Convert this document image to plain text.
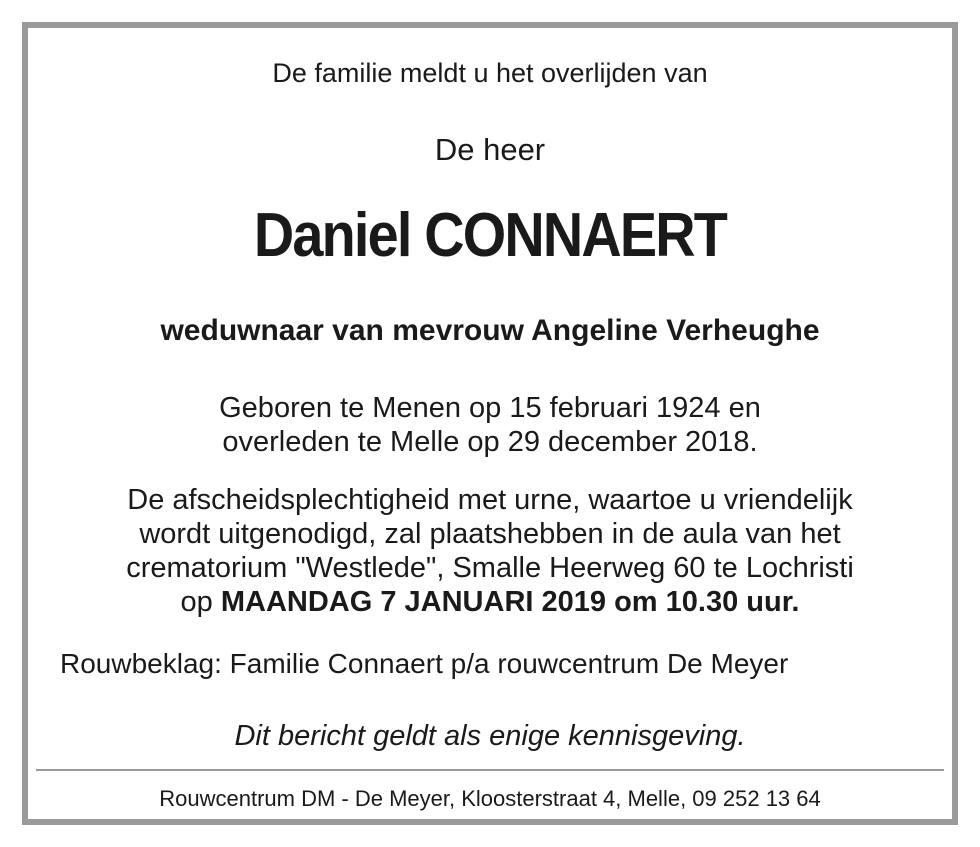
De familie meldt u het overlijden van
De heer
Daniel CONNAERT
weduwnaar van mevrouw Angeline Verheughe
Geboren te Menen op 15 februari 1924 en
overleden te Melle op 29 december 2018.
De afscheidsplechtigheid met urne, waartoe u vriendelijk
wordt uitgenodigd, zal plaatshebben in de aula van het
crematorium "Westlede", Smalle Heerweg 60 te Lochristi
op MAANDAG 7 JANUARI 2019 om 10.30 uur.
Rouwbeklag: Familie Connaert p/a rouwcentrum De Meyer
Dit bericht geldt als enige kennisgeving.
Rouwcentrum DM - De Meyer, Kloosterstraat 4, Melle, 09 252 13 64
